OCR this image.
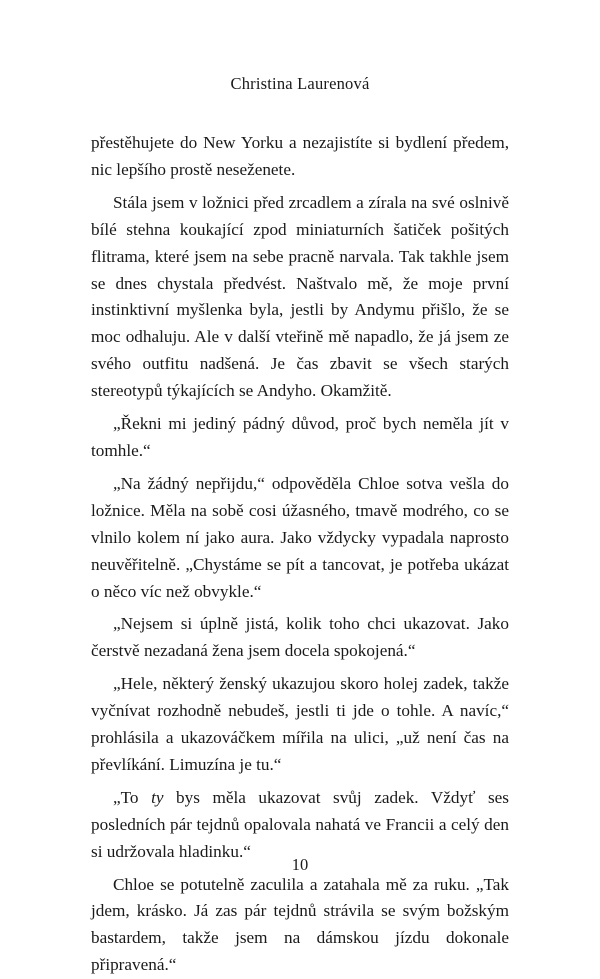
Christina Laurenová

přestěhujete do New Yorku a nezajistíte si bydlení předem, nic lepšího prostě neseženete.

Stála jsem v ložnici před zrcadlem a zírala na své oslnivě bílé stehna koukající zpod miniaturních šatiček pošitých flitrama, které jsem na sebe pracně narvala. Tak takhle jsem se dnes chystala předvést. Naštvalo mě, že moje první instinktivní myšlenka byla, jestli by Andymu přišlo, že se moc odhaluju. Ale v další vteřině mě napadlo, že já jsem ze svého outfitu nadšená. Je čas zbavit se všech starých stereotypů týkajících se Andyho. Okamžitě.

„Řekni mi jediný pádný důvod, proč bych neměla jít v tomhle.“

„Na žádný nepřijdu,“ odpověděla Chloe sotva vešla do ložnice. Měla na sobě cosi úžasného, tmavě modrého, co se vlnilo kolem ní jako aura. Jako vždycky vypadala naprosto neuvěřitelně. „Chystáme se pít a tancovat, je potřeba ukázat o něco víc než obvykle.“

„Nejsem si úplně jistá, kolik toho chci ukazovat. Jako čerstvě nezadaná žena jsem docela spokojená.“

„Hele, některý ženský ukazujou skoro holej zadek, takže vyčnívat rozhodně nebudeš, jestli ti jde o tohle. A navíc,“ prohlásila a ukazováčkem mířila na ulici, „už není čas na převlíkání. Limuzína je tu.“

„To ty bys měla ukazovat svůj zadek. Vždyť ses posledních pár tejdnů opalovala nahatá ve Francii a celý den si udržovala hladinku.“

Chloe se potutelně zaculila a zatahala mě za ruku. „Tak jdem, krásko. Já zas pár tejdnů strávila se svým božským bastardem, takže jsem na dámskou jízdu dokonale připravená.“

10
